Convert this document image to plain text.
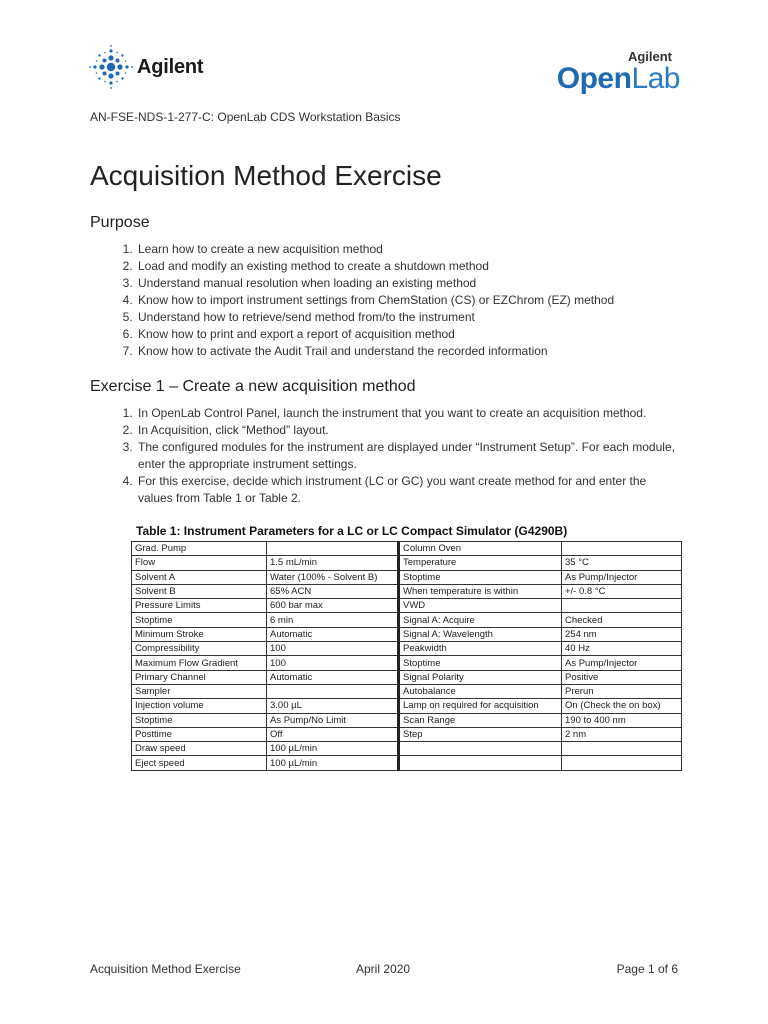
Agilent	Agilent
OpenLab
AN-FSE-NDS-1-277-C: OpenLab CDS Workstation Basics
Acquisition Method Exercise
Purpose
1. Learn how to create a new acquisition method
2. Load and modify an existing method to create a shutdown method
3. Understand manual resolution when loading an existing method
4. Know how to import instrument settings from ChemStation (CS) or EZChrom (EZ) method
5. Understand how to retrieve/send method from/to the instrument
6. Know how to print and export a report of acquisition method
7. Know how to activate the Audit Trail and understand the recorded information
Exercise 1 – Create a new acquisition method
1. In OpenLab Control Panel, launch the instrument that you want to create an acquisition method.
2. In Acquisition, click “Method” layout.
3. The configured modules for the instrument are displayed under “Instrument Setup”. For each module, enter the appropriate instrument settings.
4. For this exercise, decide which instrument (LC or GC) you want create method for and enter the values from Table 1 or Table 2.
Table 1: Instrument Parameters for a LC or LC Compact Simulator (G4290B)
Grad. Pump		Column Oven	
Flow	1.5 mL/min	Temperature	35 °C
Solvent A	Water (100% - Solvent B)	Stoptime	As Pump/Injector
Solvent B	65% ACN	When temperature is within	+/- 0.8 °C
Pressure Limits	600 bar max	VWD	
Stoptime	6 min	Signal A: Acquire	Checked
Minimum Stroke	Automatic	Signal A: Wavelength	254 nm
Compressibility	100	Peakwidth	40 Hz
Maximum Flow Gradient	100	Stoptime	As Pump/Injector
Primary Channel	Automatic	Signal Polarity	Positive
Sampler		Autobalance	Prerun
Injection volume	3.00 µL	Lamp on required for acquisition	On (Check the on box)
Stoptime	As Pump/No Limit	Scan Range	190 to 400 nm
Posttime	Off	Step	2 nm
Draw speed	100 µL/min		
Eject speed	100 µL/min		
Acquisition Method Exercise	April 2020	Page 1 of 6
